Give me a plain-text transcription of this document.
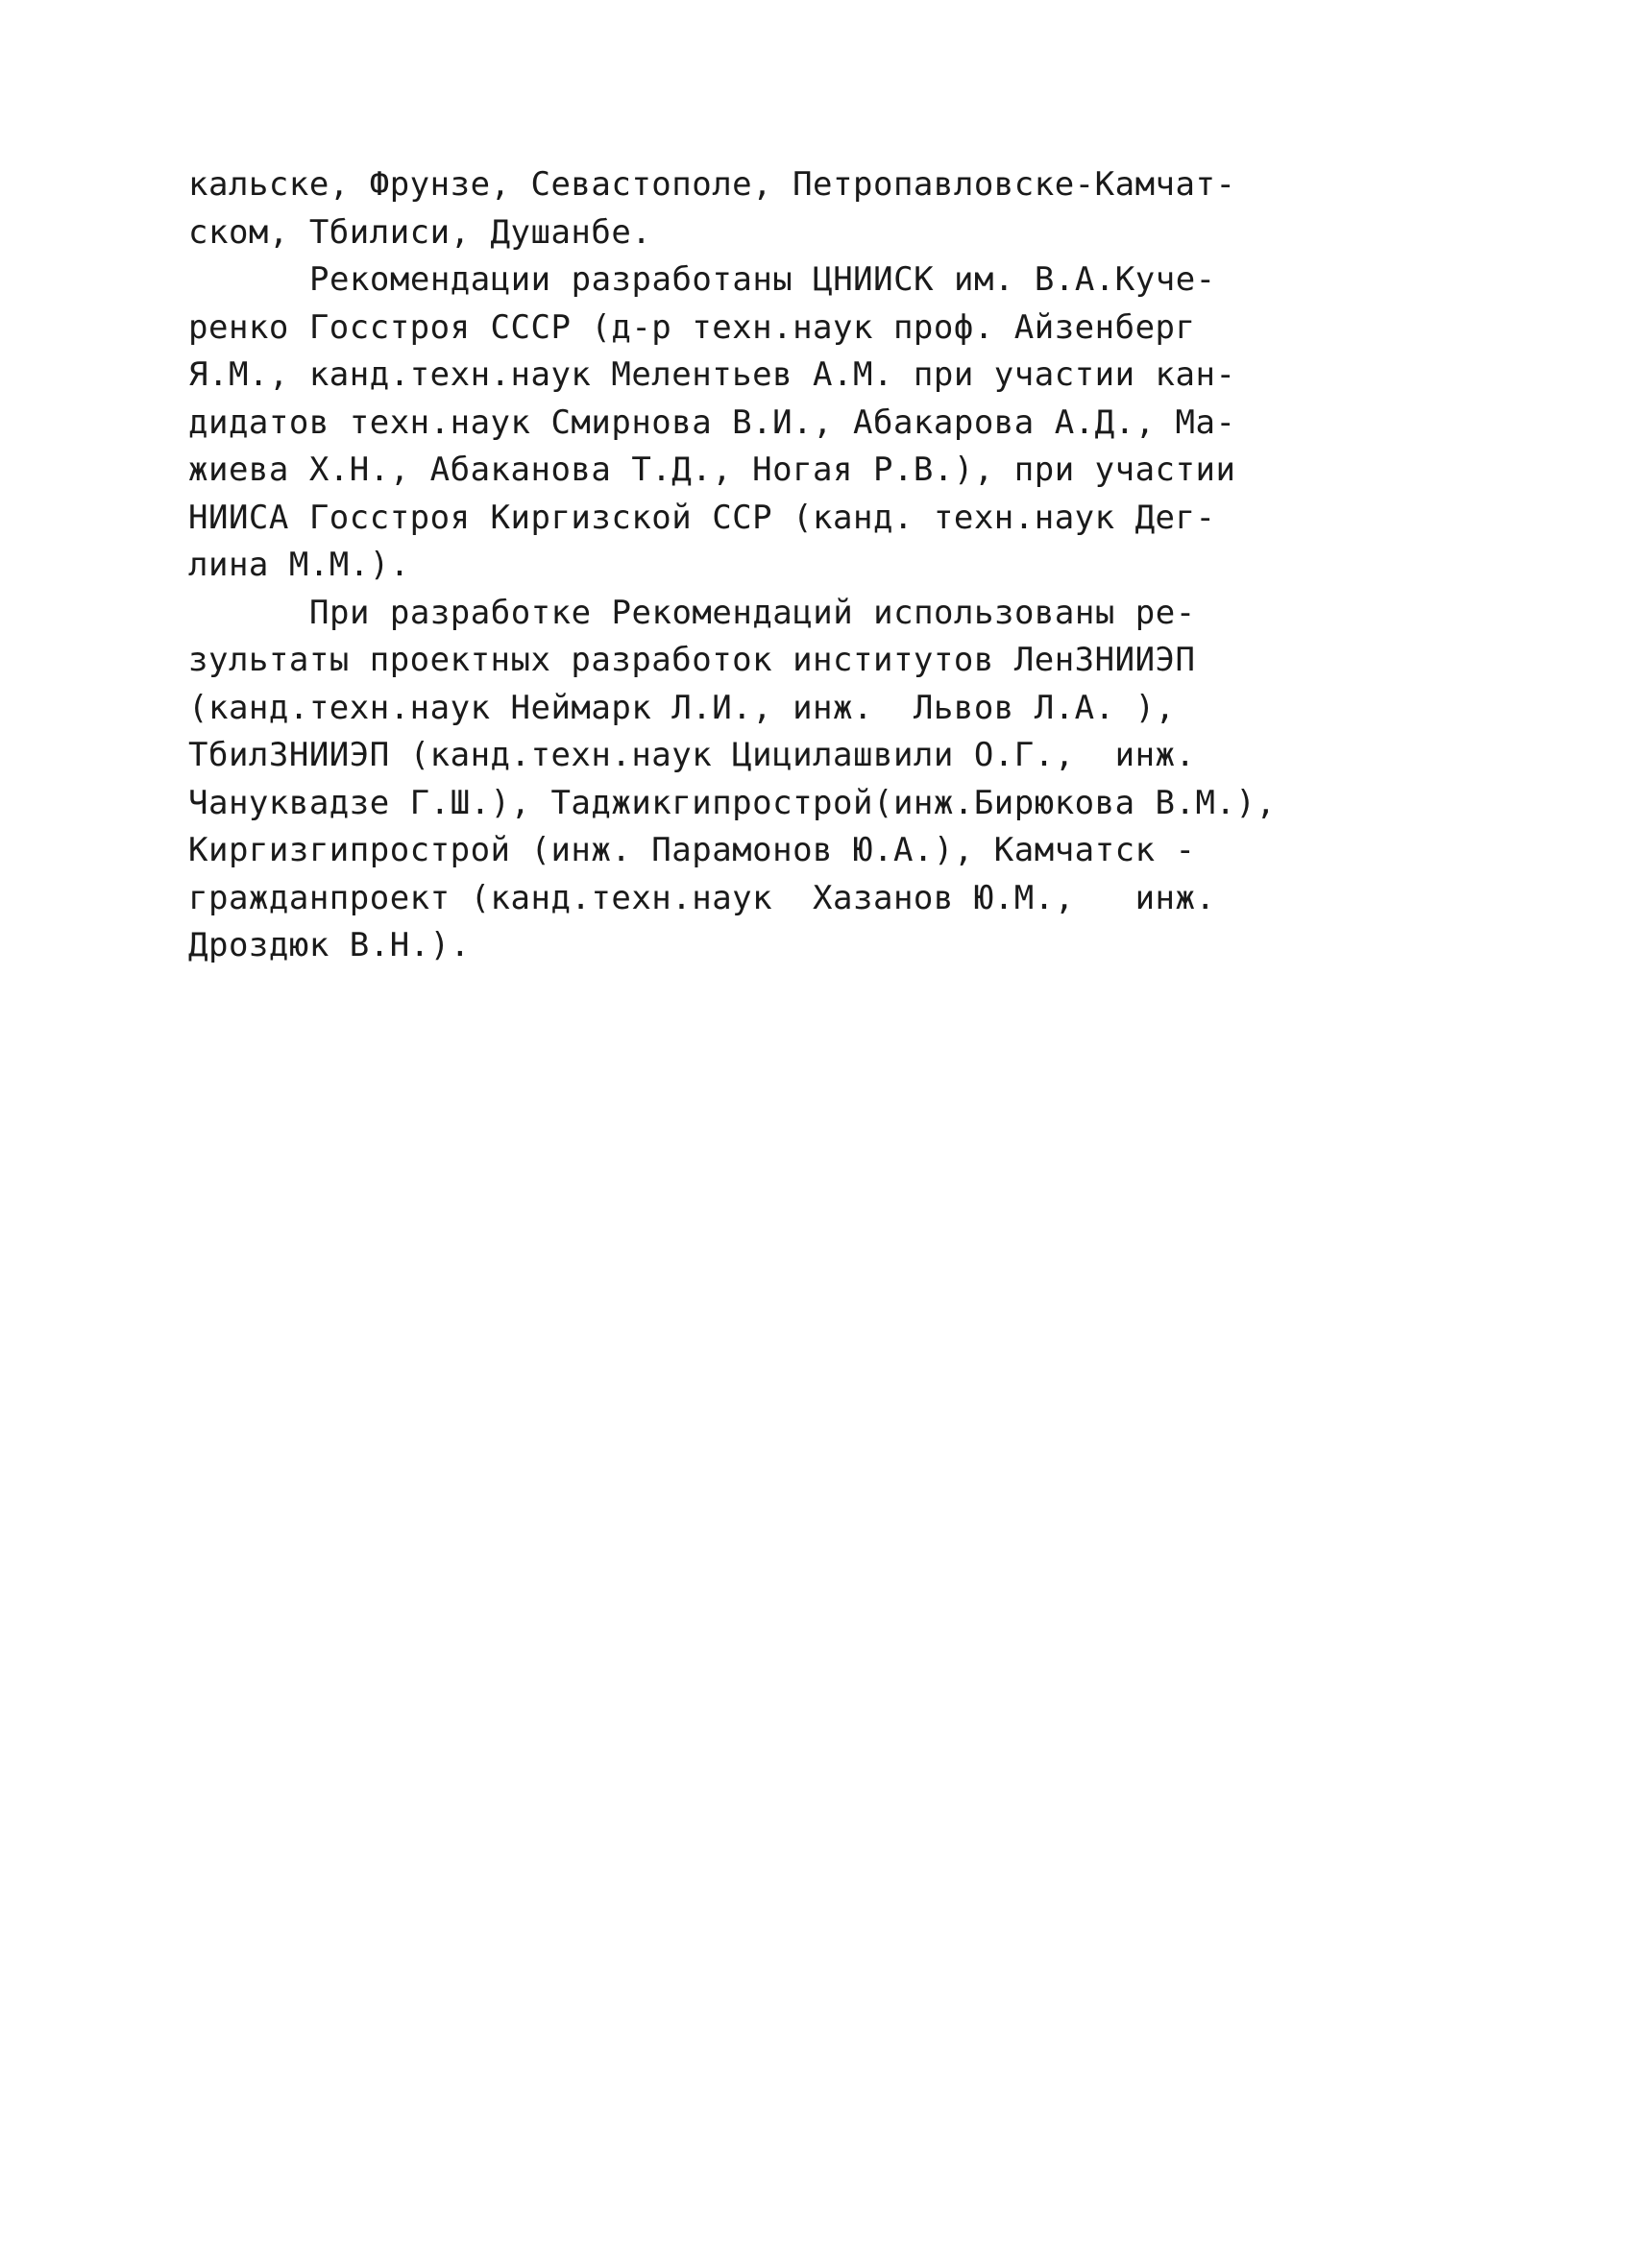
кальске, Фрунзе, Севастополе, Петропавловске-Камчат-
ском, Тбилиси, Душанбе.
Рекомендации разработаны ЦНИИСК им. В.А.Куче-
ренко Госстроя СССР (д-р техн.наук проф. Айзенберг
Я.М., канд.техн.наук Мелентьев А.М. при участии кан-
дидатов техн.наук Смирнова В.И., Абакарова А.Д., Ма-
жиева Х.Н., Абаканова Т.Д., Ногая Р.В.), при участии
НИИСА Госстроя Киргизской ССР (канд. техн.наук Дег-
лина М.М.).
При разработке Рекомендаций использованы ре-
зультаты проектных разработок институтов ЛенЗНИИЭП
(канд.техн.наук Неймарк Л.И., инж.  Львов Л.А. ),
ТбилЗНИИЭП (канд.техн.наук Цицилашвили О.Г.,  инж.
Чануквадзе Г.Ш.), Таджикгипрострой(инж.Бирюкова В.М.),
Киргизгипрострой (инж. Парамонов Ю.А.), Камчатск -
гражданпроект (канд.техн.наук  Хазанов Ю.М.,   инж.
Дроздюк В.Н.).
